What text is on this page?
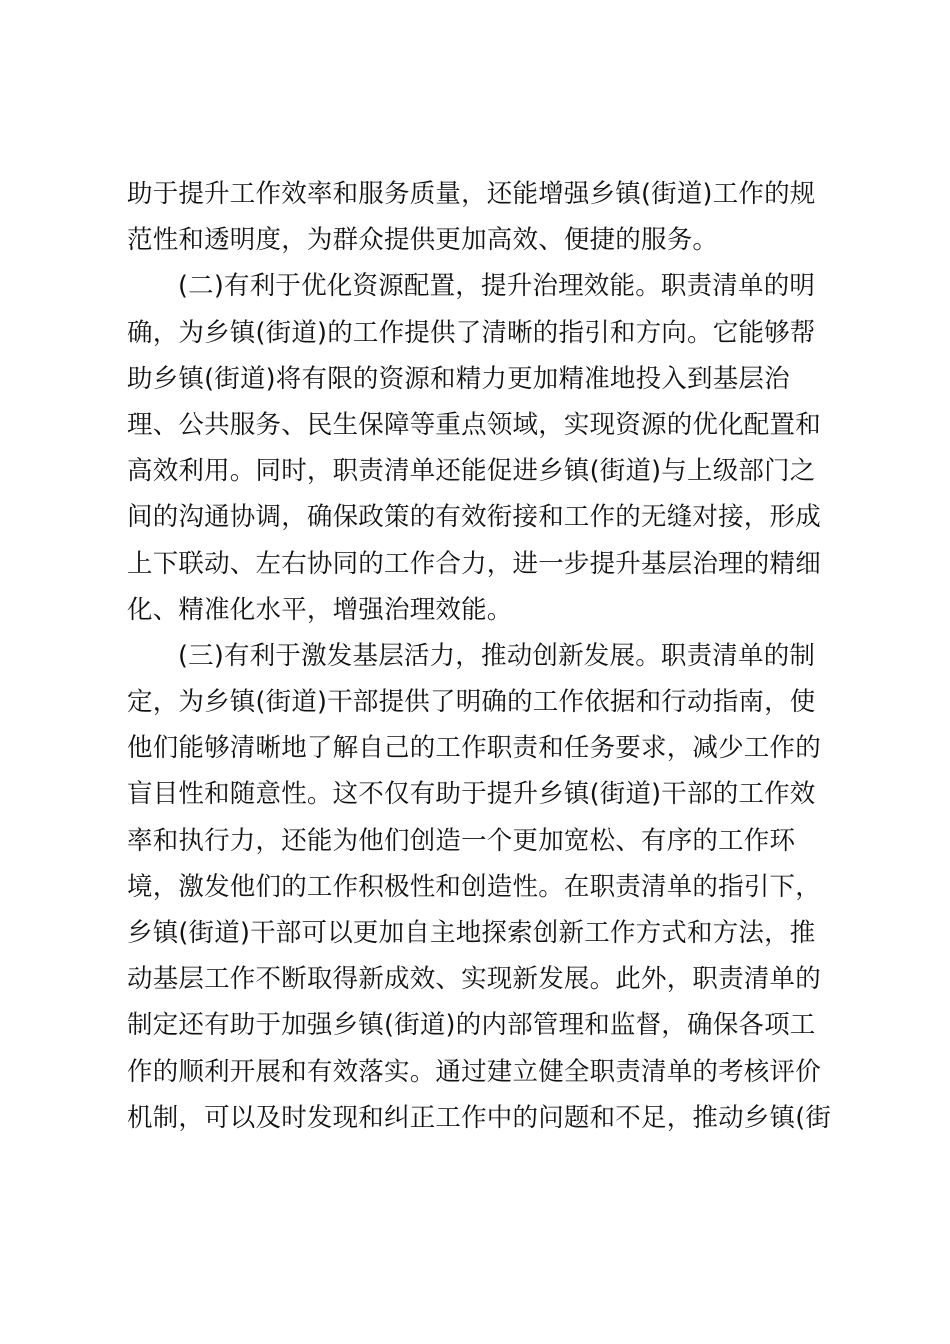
助于提升工作效率和服务质量，还能增强乡镇(街道)工作的规
范性和透明度，为群众提供更加高效、便捷的服务。
(二)有利于优化资源配置，提升治理效能。职责清单的明
确，为乡镇(街道)的工作提供了清晰的指引和方向。它能够帮
助乡镇(街道)将有限的资源和精力更加精准地投入到基层治
理、公共服务、民生保障等重点领域，实现资源的优化配置和
高效利用。同时，职责清单还能促进乡镇(街道)与上级部门之
间的沟通协调，确保政策的有效衔接和工作的无缝对接，形成
上下联动、左右协同的工作合力，进一步提升基层治理的精细
化、精准化水平，增强治理效能。
(三)有利于激发基层活力，推动创新发展。职责清单的制
定，为乡镇(街道)干部提供了明确的工作依据和行动指南，使
他们能够清晰地了解自己的工作职责和任务要求，减少工作的
盲目性和随意性。这不仅有助于提升乡镇(街道)干部的工作效
率和执行力，还能为他们创造一个更加宽松、有序的工作环
境，激发他们的工作积极性和创造性。在职责清单的指引下，
乡镇(街道)干部可以更加自主地探索创新工作方式和方法，推
动基层工作不断取得新成效、实现新发展。此外，职责清单的
制定还有助于加强乡镇(街道)的内部管理和监督，确保各项工
作的顺利开展和有效落实。通过建立健全职责清单的考核评价
机制，可以及时发现和纠正工作中的问题和不足，推动乡镇(街
